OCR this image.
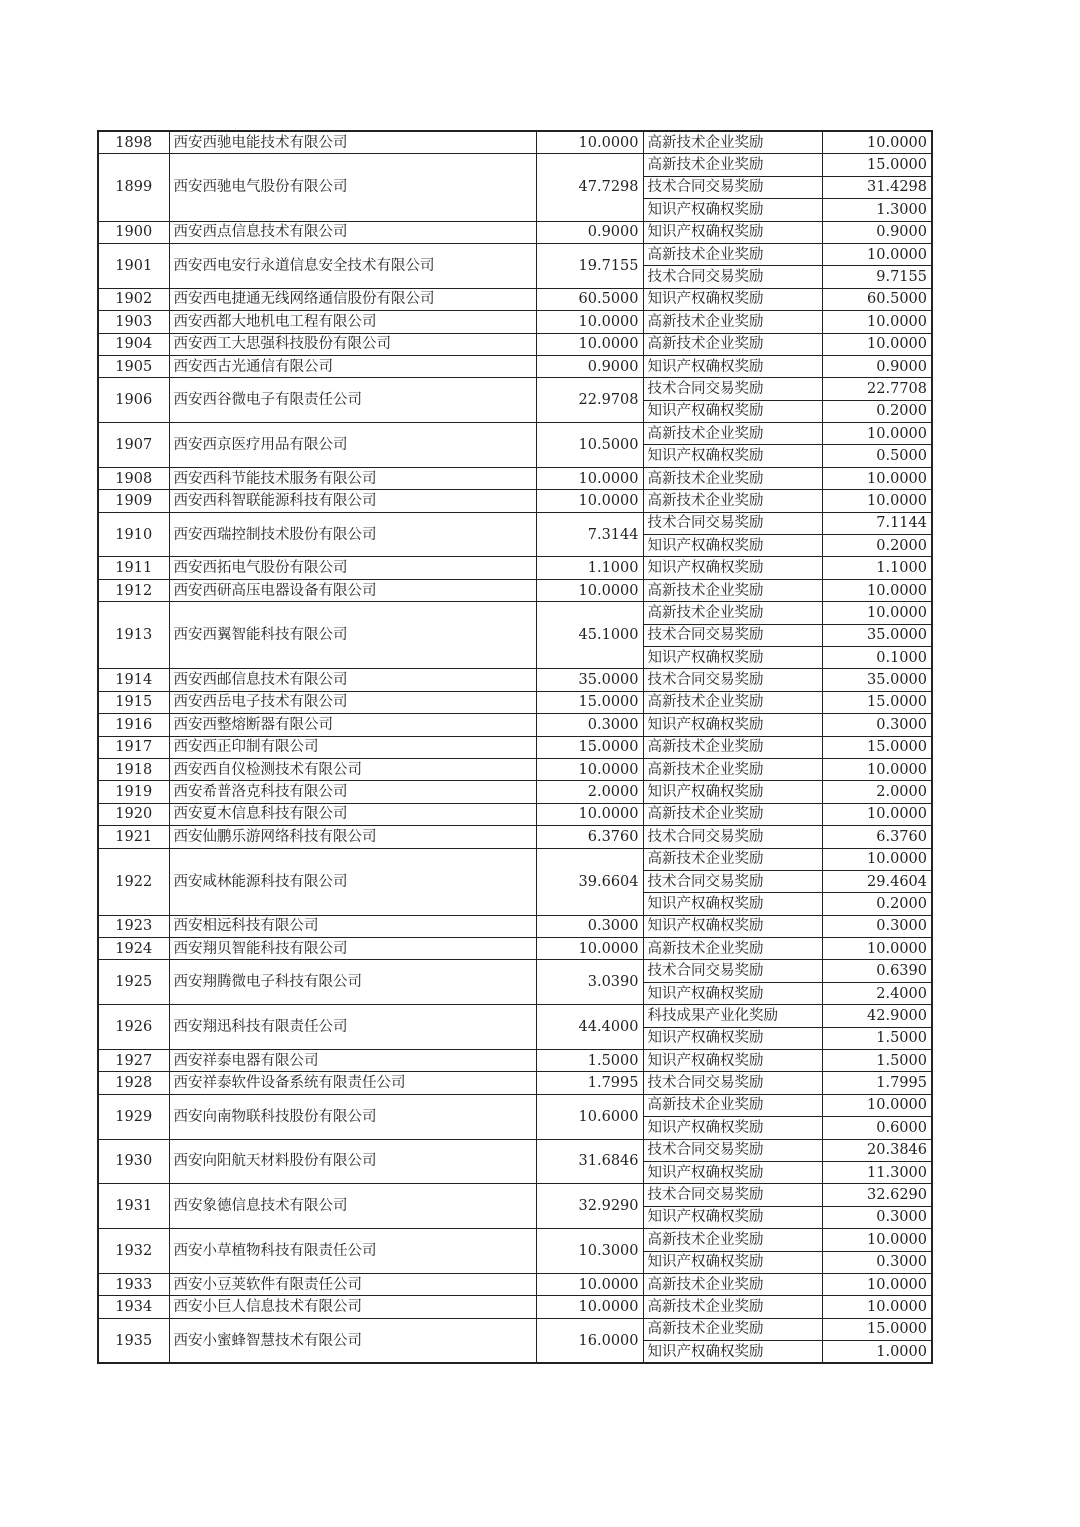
1898	西安西驰电能技术有限公司	10.0000	高新技术企业奖励	10.0000
1899	西安西驰电气股份有限公司	47.7298	高新技术企业奖励	15.0000
			技术合同交易奖励	31.4298
			知识产权确权奖励	1.3000
1900	西安西点信息技术有限公司	0.9000	知识产权确权奖励	0.9000
1901	西安西电安行永道信息安全技术有限公司	19.7155	高新技术企业奖励	10.0000
			技术合同交易奖励	9.7155
1902	西安西电捷通无线网络通信股份有限公司	60.5000	知识产权确权奖励	60.5000
1903	西安西都大地机电工程有限公司	10.0000	高新技术企业奖励	10.0000
1904	西安西工大思强科技股份有限公司	10.0000	高新技术企业奖励	10.0000
1905	西安西古光通信有限公司	0.9000	知识产权确权奖励	0.9000
1906	西安西谷微电子有限责任公司	22.9708	技术合同交易奖励	22.7708
			知识产权确权奖励	0.2000
1907	西安西京医疗用品有限公司	10.5000	高新技术企业奖励	10.0000
			知识产权确权奖励	0.5000
1908	西安西科节能技术服务有限公司	10.0000	高新技术企业奖励	10.0000
1909	西安西科智联能源科技有限公司	10.0000	高新技术企业奖励	10.0000
1910	西安西瑞控制技术股份有限公司	7.3144	技术合同交易奖励	7.1144
			知识产权确权奖励	0.2000
1911	西安西拓电气股份有限公司	1.1000	知识产权确权奖励	1.1000
1912	西安西研高压电器设备有限公司	10.0000	高新技术企业奖励	10.0000
1913	西安西翼智能科技有限公司	45.1000	高新技术企业奖励	10.0000
			技术合同交易奖励	35.0000
			知识产权确权奖励	0.1000
1914	西安西邮信息技术有限公司	35.0000	技术合同交易奖励	35.0000
1915	西安西岳电子技术有限公司	15.0000	高新技术企业奖励	15.0000
1916	西安西整熔断器有限公司	0.3000	知识产权确权奖励	0.3000
1917	西安西正印制有限公司	15.0000	高新技术企业奖励	15.0000
1918	西安西自仪检测技术有限公司	10.0000	高新技术企业奖励	10.0000
1919	西安希普洛克科技有限公司	2.0000	知识产权确权奖励	2.0000
1920	西安夏木信息科技有限公司	10.0000	高新技术企业奖励	10.0000
1921	西安仙鹏乐游网络科技有限公司	6.3760	技术合同交易奖励	6.3760
1922	西安咸林能源科技有限公司	39.6604	高新技术企业奖励	10.0000
			技术合同交易奖励	29.4604
			知识产权确权奖励	0.2000
1923	西安相远科技有限公司	0.3000	知识产权确权奖励	0.3000
1924	西安翔贝智能科技有限公司	10.0000	高新技术企业奖励	10.0000
1925	西安翔腾微电子科技有限公司	3.0390	技术合同交易奖励	0.6390
			知识产权确权奖励	2.4000
1926	西安翔迅科技有限责任公司	44.4000	科技成果产业化奖励	42.9000
			知识产权确权奖励	1.5000
1927	西安祥泰电器有限公司	1.5000	知识产权确权奖励	1.5000
1928	西安祥泰软件设备系统有限责任公司	1.7995	技术合同交易奖励	1.7995
1929	西安向南物联科技股份有限公司	10.6000	高新技术企业奖励	10.0000
			知识产权确权奖励	0.6000
1930	西安向阳航天材料股份有限公司	31.6846	技术合同交易奖励	20.3846
			知识产权确权奖励	11.3000
1931	西安象德信息技术有限公司	32.9290	技术合同交易奖励	32.6290
			知识产权确权奖励	0.3000
1932	西安小草植物科技有限责任公司	10.3000	高新技术企业奖励	10.0000
			知识产权确权奖励	0.3000
1933	西安小豆荚软件有限责任公司	10.0000	高新技术企业奖励	10.0000
1934	西安小巨人信息技术有限公司	10.0000	高新技术企业奖励	10.0000
1935	西安小蜜蜂智慧技术有限公司	16.0000	高新技术企业奖励	15.0000
			知识产权确权奖励	1.0000
